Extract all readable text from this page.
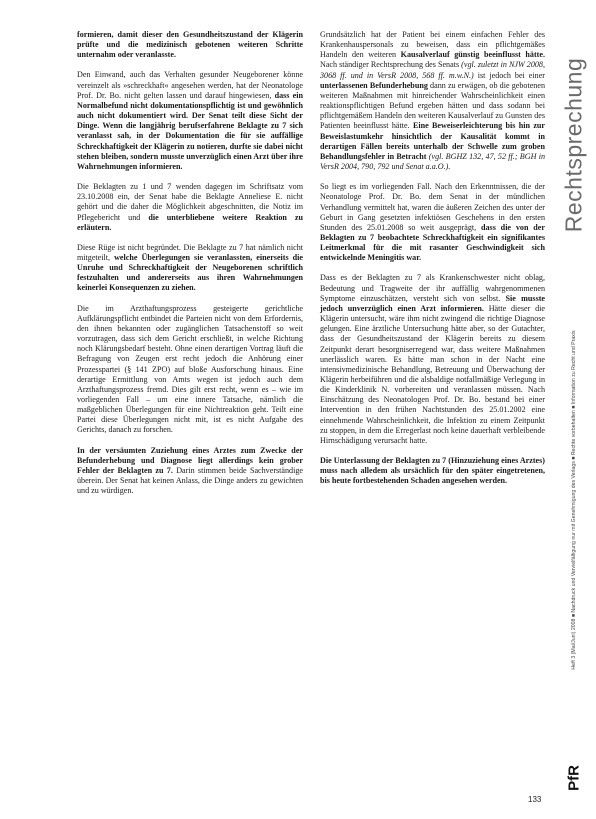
formieren, damit dieser den Gesundheitszustand der Klägerin prüfte und die medizinisch gebotenen weiteren Schritte unternahm oder veranlasste.

Den Einwand, auch das Verhalten gesunder Neugeborener könne vereinzelt als »schreckhaft« angesehen werden, hat der Neonatologe Prof. Dr. Bo. nicht gelten lassen und darauf hingewiesen, dass ein Normalbefund nicht dokumentationspflichtig ist und gewöhnlich auch nicht dokumentiert wird. Der Senat teilt diese Sicht der Dinge. Wenn die langjährig berufserfahrene Beklagte zu 7 sich veranlasst sah, in der Dokumentation die für sie auffällige Schreckhaftigkeit der Klägerin zu notieren, durfte sie dabei nicht stehen bleiben, sondern musste unverzüglich einen Arzt über ihre Wahrnehmungen informieren.

Die Beklagten zu 1 und 7 wenden dagegen im Schriftsatz vom 23.10.2008 ein, der Senat habe die Beklagte Anneliese E. nicht gehört und die daher die Möglichkeit abgeschnitten, die Notiz im Pflegebericht und die unterbliebene weitere Reaktion zu erläutern.

Diese Rüge ist nicht begründet. Die Beklagte zu 7 hat nämlich nicht mitgeteilt, welche Überlegungen sie veranlassten, einerseits die Unruhe und Schreckhaftigkeit der Neugeborenen schriftlich festzuhalten und andererseits aus ihren Wahrnehmungen keinerlei Konsequenzen zu ziehen.

Die im Arzthaftungsprozess gesteigerte gerichtliche Aufklärungspflicht entbindet die Parteien nicht von dem Erfordernis, den ihnen bekannten oder zugänglichen Tatsachenstoff so weit vorzutragen, dass sich dem Gericht erschließt, in welche Richtung noch Klärungsbedarf besteht. Ohne einen derartigen Vortrag läuft die Befragung von Zeugen erst recht jedoch die Anhörung einer Prozesspartei (§ 141 ZPO) auf bloße Ausforschung hinaus. Eine derartige Ermittlung von Amts wegen ist jedoch auch dem Arzthaftungsprozess fremd. Dies gilt erst recht, wenn es – wie im vorliegenden Fall – um eine innere Tatsache, nämlich die maßgeblichen Überlegungen für eine Nichtreaktion geht. Teilt eine Partei diese Überlegungen nicht mit, ist es nicht Aufgabe des Gerichts, danach zu forschen.

In der versäumten Zuziehung eines Arztes zum Zwecke der Befunderhebung und Diagnose liegt allerdings kein grober Fehler der Beklagten zu 7. Darin stimmen beide Sachverständige überein. Der Senat hat keinen Anlass, die Dinge anders zu gewichten und zu würdigen.

Grundsätzlich hat der Patient bei einem einfachen Fehler des Krankenhauspersonals zu beweisen, dass ein pflichtgemäßes Handeln den weiteren Kausalverlauf günstig beeinflusst hätte. Nach ständiger Rechtsprechung des Senats (vgl. zuletzt in NJW 2008, 3068 ff. und in VersR 2008, 568 ff. m.w.N.) ist jedoch bei einer unterlassenen Befunderhebung dann zu erwägen, ob die gebotenen weiteren Maßnahmen mit hinreichender Wahrscheinlichkeit einen reaktionspflichtigen Befund ergeben hätten und dass sodann bei pflichtgemäßem Handeln den weiteren Kausalverlauf zu Gunsten des Patienten beeinflusst hätte. Eine Beweiserleichterung bis hin zur Beweislastumkehr hinsichtlich der Kausalität kommt in derartigen Fällen bereits unterhalb der Schwelle zum groben Behandlungsfehler in Betracht (vgl. BGHZ 132, 47, 52 ff.; BGH in VersR 2004, 790, 792 und Senat a.a.O.).

So liegt es im vorliegenden Fall. Nach den Erkenntnissen, die der Neonatologe Prof. Dr. Bo. dem Senat in der mündlichen Verhandlung vermittelt hat, waren die äußeren Zeichen des unter der Geburt in Gang gesetzten infektiösen Geschehens in den ersten Stunden des 25.01.2008 so weit ausgeprägt, dass die von der Beklagten zu 7 beobachtete Schreckhaftigkeit ein signifikantes Leitmerkmal für die mit rasanter Geschwindigkeit sich entwickelnde Meningitis war.

Dass es der Beklagten zu 7 als Krankenschwester nicht oblag, Bedeutung und Tragweite der ihr auffällig wahrgenommenen Symptome einzuschätzen, versteht sich von selbst. Sie musste jedoch unverzüglich einen Arzt informieren. Hätte dieser die Klägerin untersucht, wäre ihm nicht zwingend die richtige Diagnose gelungen. Eine ärztliche Untersuchung hätte aber, so der Gutachter, dass der Gesundheitszustand der Klägerin bereits zu diesem Zeitpunkt derart besorgniserregend war, dass weitere Maßnahmen unerlässlich waren. Es hätte man schon in der Nacht eine intensivmedizinische Behandlung, Betreuung und Überwachung der Klägerin herbeiführen und die alsbaldige notfallmäßige Verlegung in die Kinderklinik N. vorbereiten und veranlassen müssen. Nach Einschätzung des Neonatologen Prof. Dr. Bo. bestand bei einer Intervention in den frühen Nachtstunden des 25.01.2002 eine einnehmende Wahrscheinlichkeit, die Infektion zu einem Zeitpunkt zu stoppen, in dem die Erregerlast noch keine dauerhaft verbleibende Hirnschädigung verursacht hatte.

Die Unterlassung der Beklagten zu 7 (Hinzuziehung eines Arztes) muss nach alledem als ursächlich für den später eingetretenen, bis heute fortbestehenden Schaden angesehen werden.

Rechtsprechung
Heft 3 (Mai/Juni) 2008 ■ Nachdruck und Vervielfältigung nur mit Genehmigung des Verlags ■ Rechte vorbehalten ■ Information zu Recht und Praxis
PfR
133
